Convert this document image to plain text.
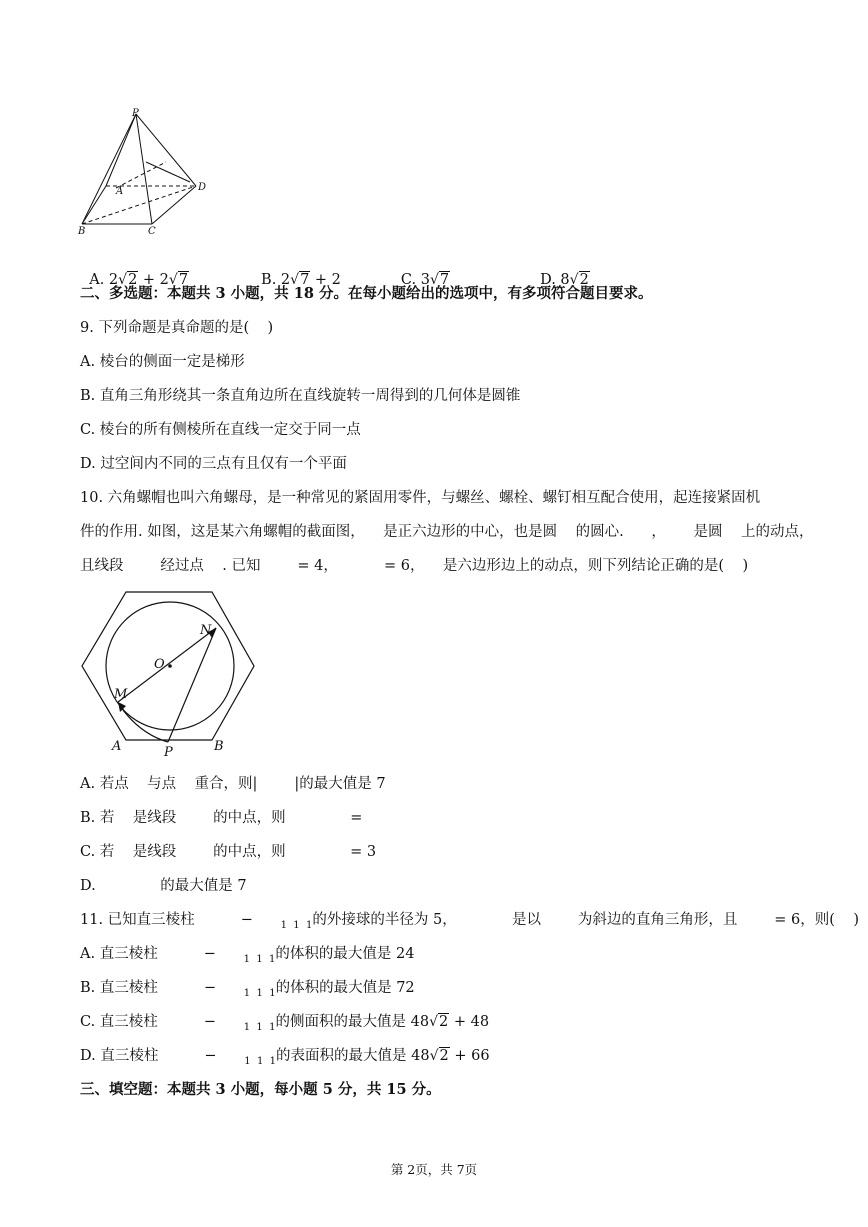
P
A
B	C
D

A. 2√2 + 2√7	B. 2√7 + 2	C. 3√7	D. 8√2

二、多选题：本题共 3 小题，共 18 分。在每小题给出的选项中，有多项符合题目要求。
9. 下列命题是真命题的是(    )
A. 棱台的侧面一定是梯形
B. 直角三角形绕其一条直角边所在直线旋转一周得到的几何体是圆锥
C. 棱台的所有侧棱所在直线一定交于同一点
D. 过空间内不同的三点有且仅有一个平面
10. 六角螺帽也叫六角螺母，是一种常见的紧固用零件，与螺丝、螺栓、螺钉相互配合使用，起连接紧固机
件的作用. 如图，这是某六角螺帽的截面图，    是正六边形的中心，也是圆    的圆心.      ，      是圆    上的动点，
且线段        经过点    . 已知        = 4，          = 6，    是六边形边上的动点，则下列结论正确的是(    )
O
N
M
A	P	B
A. 若点    与点    重合，则|        |的最大值是 7
B. 若    是线段        的中点，则              =
C. 若    是线段        的中点，则              = 3
D.              的最大值是 7
11. 已知直三棱柱          −      $_{1 1 1}$的外接球的半径为 5，            是以        为斜边的直角三角形，且        = 6，则(    )
A. 直三棱柱          −      $_{1 1 1}$的体积的最大值是 24
B. 直三棱柱          −      $_{1 1 1}$的体积的最大值是 72
C. 直三棱柱          −      $_{1 1 1}$的侧面积的最大值是 48√2 + 48
D. 直三棱柱          −      $_{1 1 1}$的表面积的最大值是 48√2 + 66
三、填空题：本题共 3 小题，每小题 5 分，共 15 分。
第 2页，共 7页
